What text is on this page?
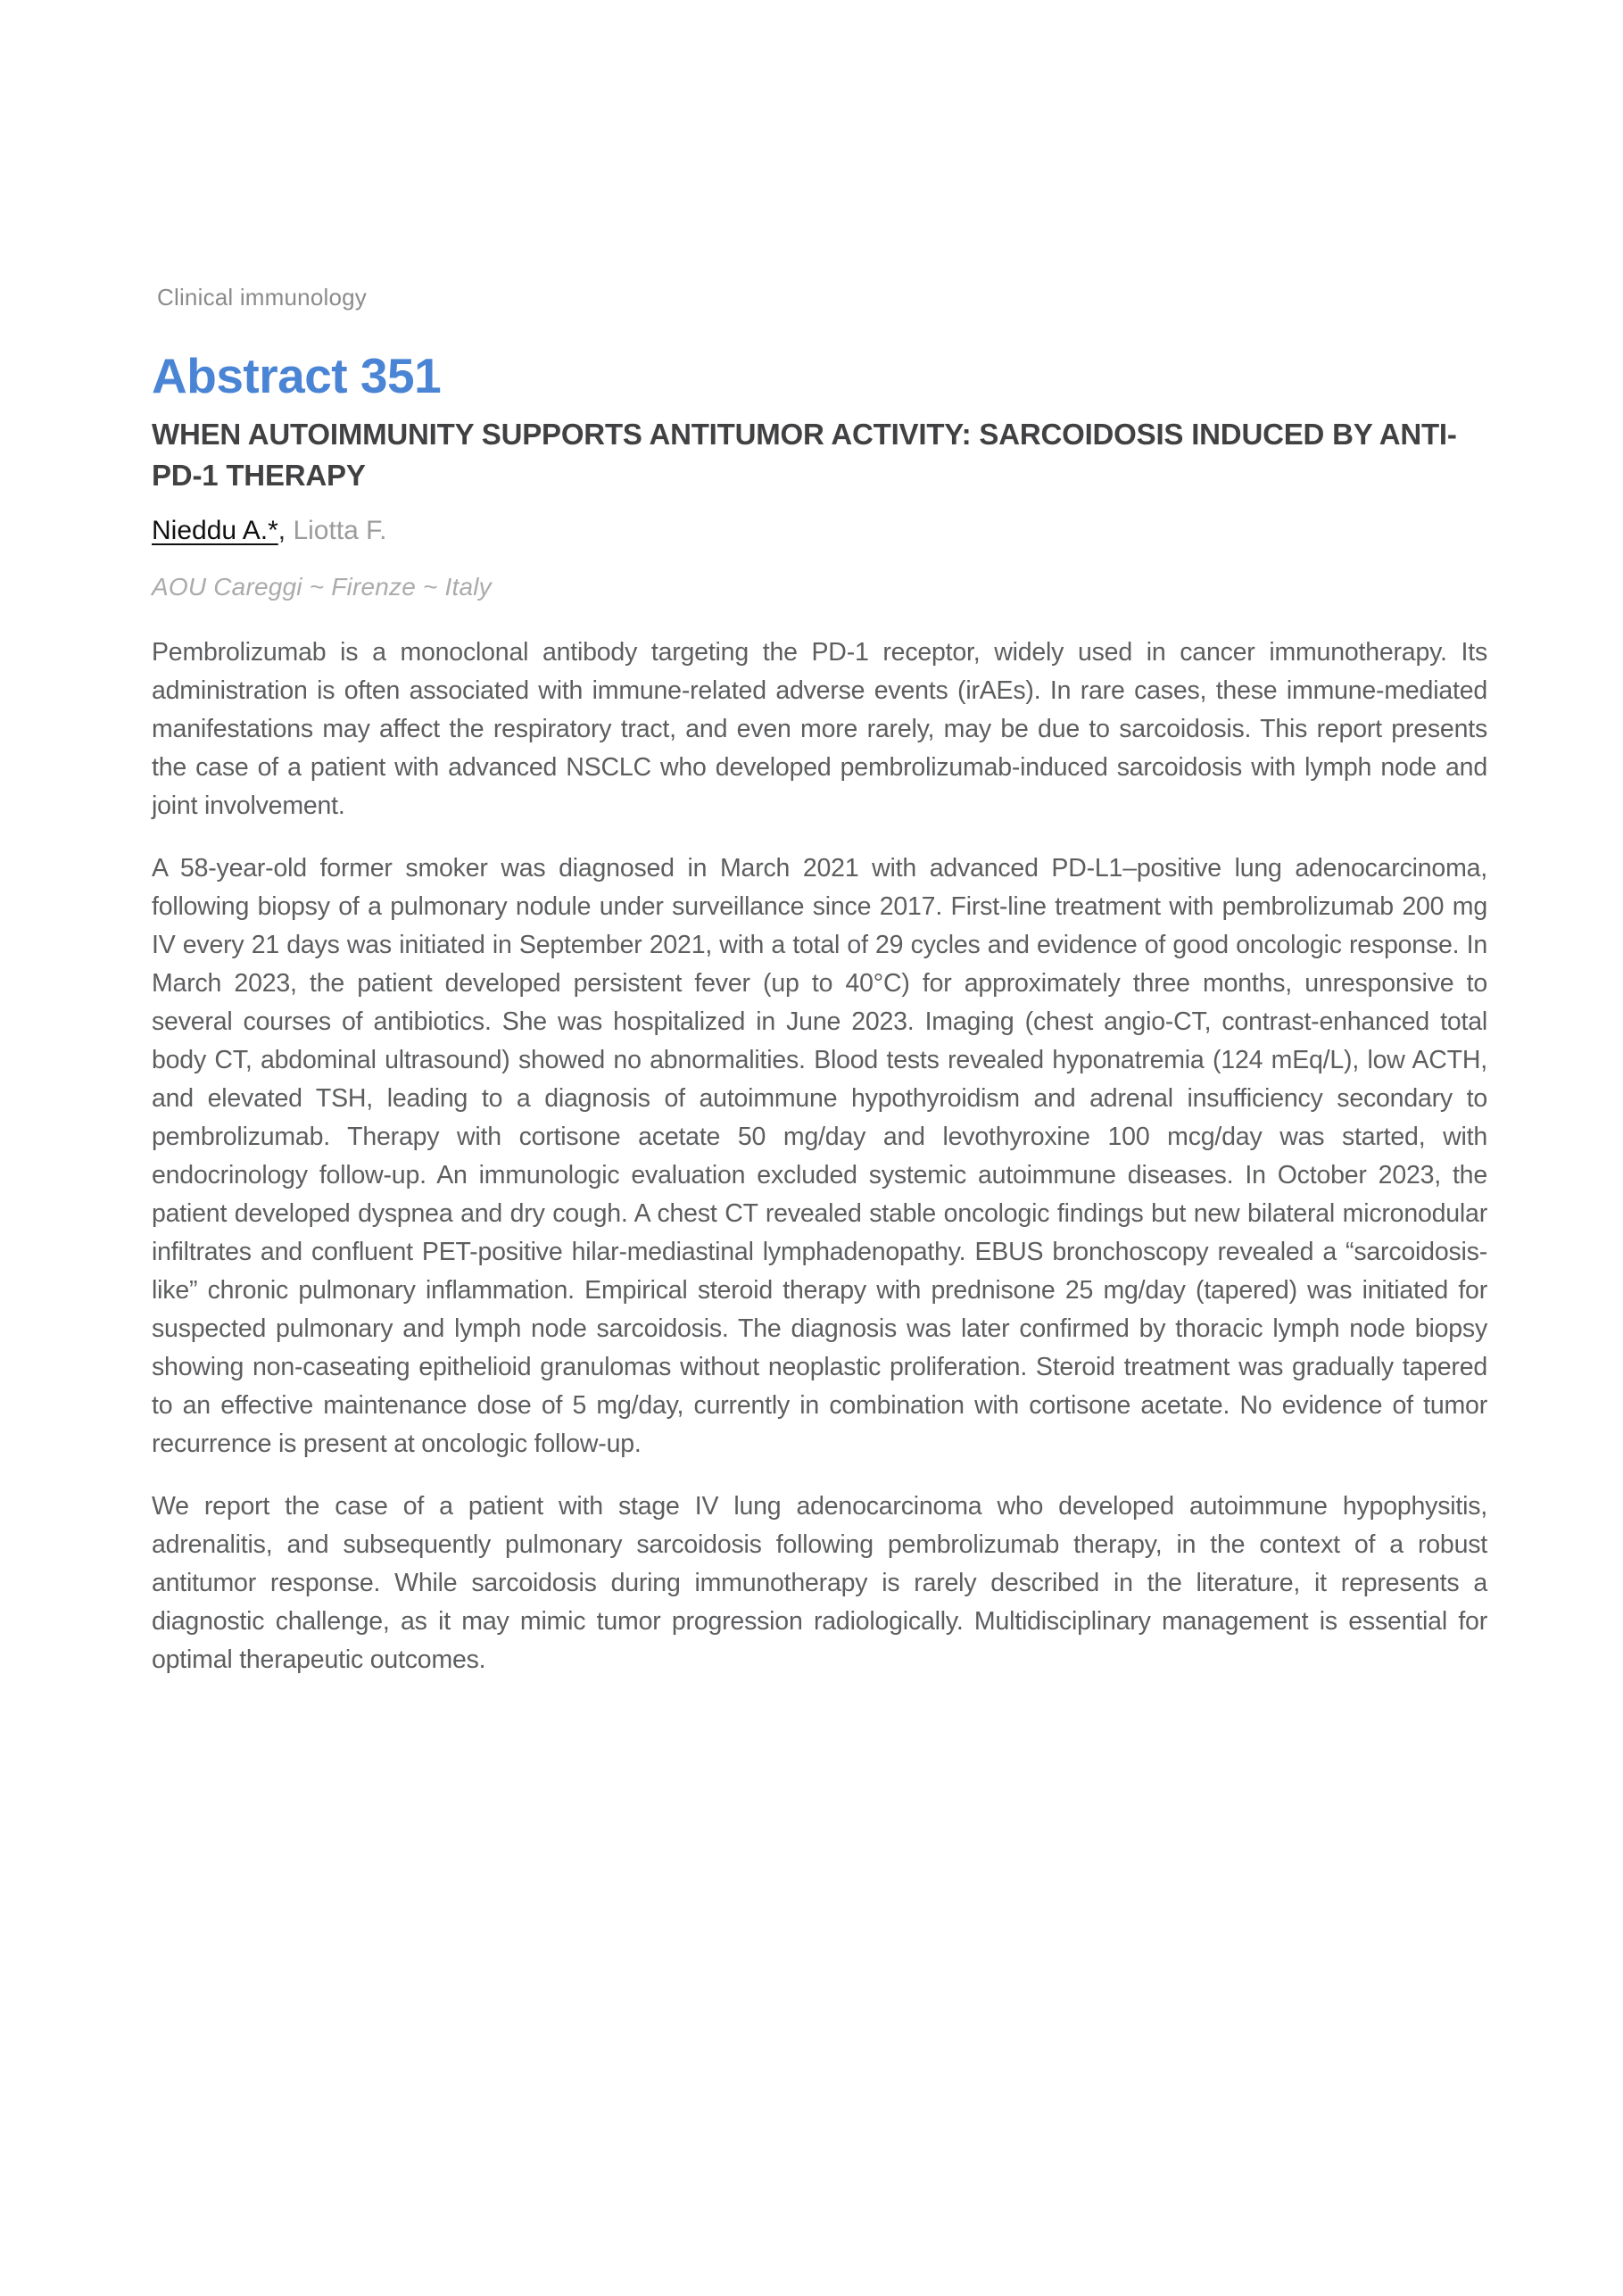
Clinical immunology
Abstract 351
WHEN AUTOIMMUNITY SUPPORTS ANTITUMOR ACTIVITY: SARCOIDOSIS INDUCED BY ANTI-PD-1 THERAPY
Nieddu A.*, Liotta F.
AOU Careggi ~ Firenze ~ Italy

Pembrolizumab is a monoclonal antibody targeting the PD-1 receptor, widely used in cancer immunotherapy. Its administration is often associated with immune-related adverse events (irAEs). In rare cases, these immune-mediated manifestations may affect the respiratory tract, and even more rarely, may be due to sarcoidosis. This report presents the case of a patient with advanced NSCLC who developed pembrolizumab-induced sarcoidosis with lymph node and joint involvement.

A 58-year-old former smoker was diagnosed in March 2021 with advanced PD-L1–positive lung adenocarcinoma, following biopsy of a pulmonary nodule under surveillance since 2017. First-line treatment with pembrolizumab 200 mg IV every 21 days was initiated in September 2021, with a total of 29 cycles and evidence of good oncologic response. In March 2023, the patient developed persistent fever (up to 40°C) for approximately three months, unresponsive to several courses of antibiotics. She was hospitalized in June 2023. Imaging (chest angio-CT, contrast-enhanced total body CT, abdominal ultrasound) showed no abnormalities. Blood tests revealed hyponatremia (124 mEq/L), low ACTH, and elevated TSH, leading to a diagnosis of autoimmune hypothyroidism and adrenal insufficiency secondary to pembrolizumab. Therapy with cortisone acetate 50 mg/day and levothyroxine 100 mcg/day was started, with endocrinology follow-up. An immunologic evaluation excluded systemic autoimmune diseases. In October 2023, the patient developed dyspnea and dry cough. A chest CT revealed stable oncologic findings but new bilateral micronodular infiltrates and confluent PET-positive hilar-mediastinal lymphadenopathy. EBUS bronchoscopy revealed a “sarcoidosis-like” chronic pulmonary inflammation. Empirical steroid therapy with prednisone 25 mg/day (tapered) was initiated for suspected pulmonary and lymph node sarcoidosis. The diagnosis was later confirmed by thoracic lymph node biopsy showing non-caseating epithelioid granulomas without neoplastic proliferation. Steroid treatment was gradually tapered to an effective maintenance dose of 5 mg/day, currently in combination with cortisone acetate. No evidence of tumor recurrence is present at oncologic follow-up.

We report the case of a patient with stage IV lung adenocarcinoma who developed autoimmune hypophysitis, adrenalitis, and subsequently pulmonary sarcoidosis following pembrolizumab therapy, in the context of a robust antitumor response. While sarcoidosis during immunotherapy is rarely described in the literature, it represents a diagnostic challenge, as it may mimic tumor progression radiologically. Multidisciplinary management is essential for optimal therapeutic outcomes.
